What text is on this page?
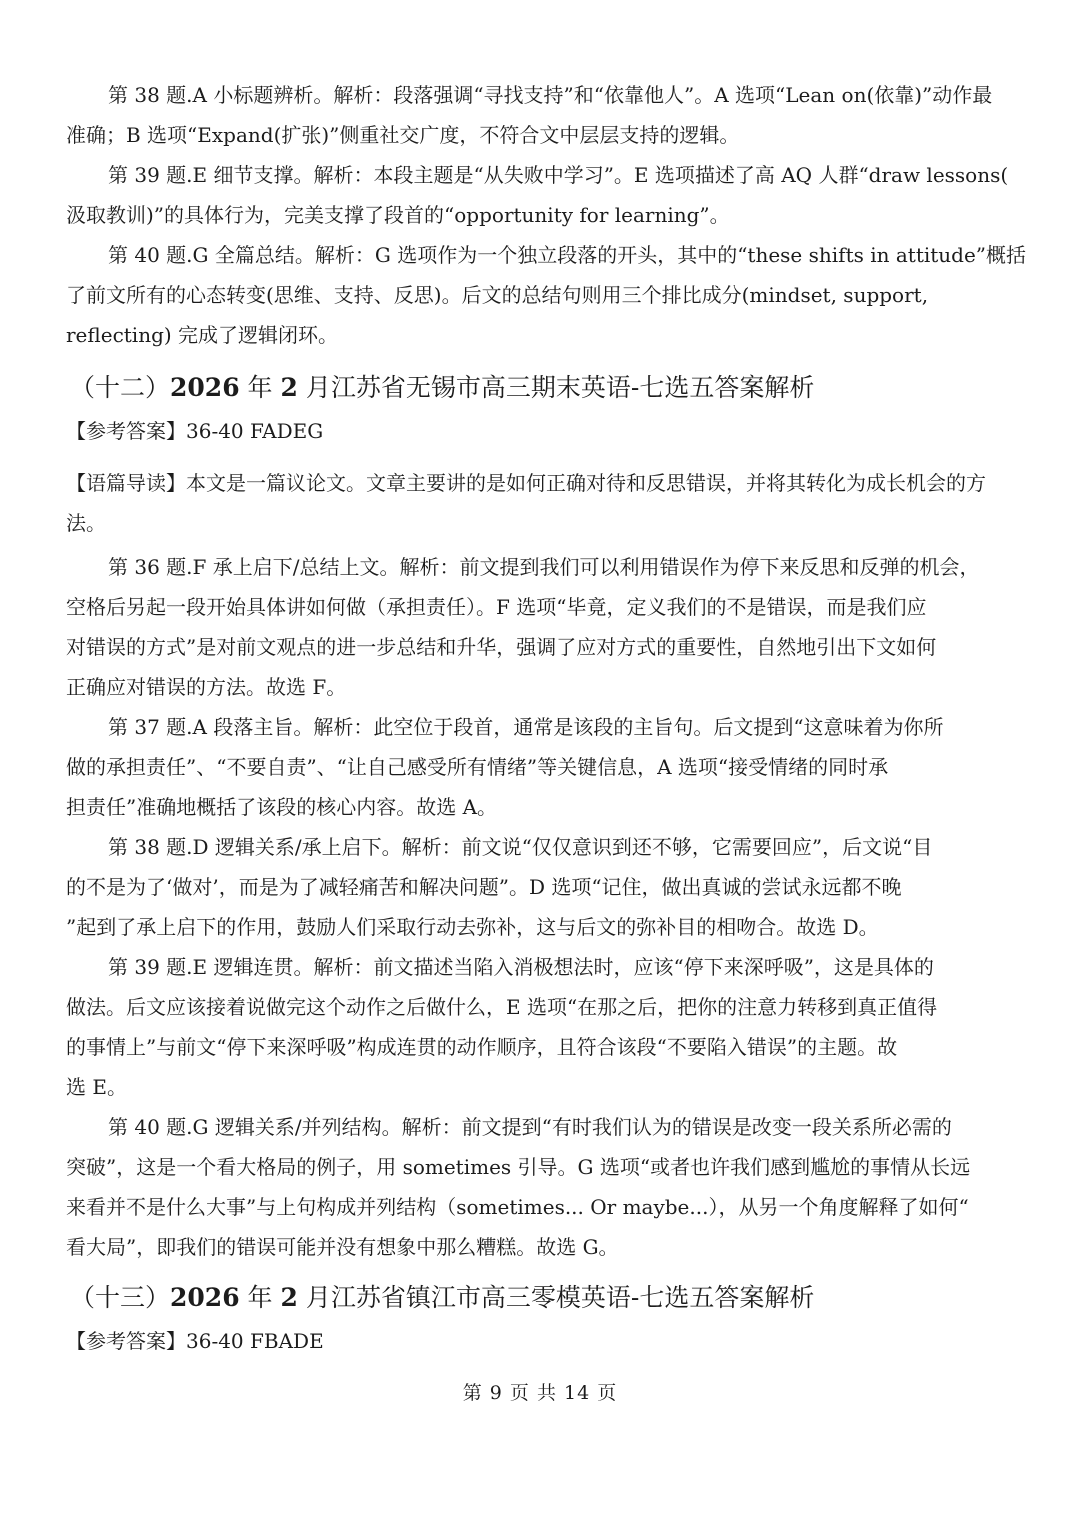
第 38 题.A 小标题辨析。解析：段落强调“寻找支持”和“依靠他人”。A 选项“Lean on(依靠)”动作最
准确；B 选项“Expand(扩张)”侧重社交广度，不符合文中层层支持的逻辑。
第 39 题.E 细节支撑。解析：本段主题是“从失败中学习”。E 选项描述了高 AQ 人群“draw lessons(
汲取教训)”的具体行为，完美支撑了段首的“opportunity for learning”。
第 40 题.G 全篇总结。解析：G 选项作为一个独立段落的开头，其中的“these shifts in attitude”概括
了前文所有的心态转变(思维、支持、反思)。后文的总结句则用三个排比成分(mindset, support,
reflecting) 完成了逻辑闭环。
（十二）2026 年 2 月江苏省无锡市高三期末英语-七选五答案解析
【参考答案】36-40 FADEG
【语篇导读】本文是一篇议论文。文章主要讲的是如何正确对待和反思错误，并将其转化为成长机会的方
法。
第 36 题.F 承上启下/总结上文。解析：前文提到我们可以利用错误作为停下来反思和反弹的机会，
空格后另起一段开始具体讲如何做（承担责任）。F 选项“毕竟，定义我们的不是错误，而是我们应
对错误的方式”是对前文观点的进一步总结和升华，强调了应对方式的重要性，自然地引出下文如何
正确应对错误的方法。故选 F。
第 37 题.A 段落主旨。解析：此空位于段首，通常是该段的主旨句。后文提到“这意味着为你所
做的承担责任”、“不要自责”、“让自己感受所有情绪”等关键信息，A 选项“接受情绪的同时承
担责任”准确地概括了该段的核心内容。故选 A。
第 38 题.D 逻辑关系/承上启下。解析：前文说“仅仅意识到还不够，它需要回应”，后文说“目
的不是为了‘做对’，而是为了减轻痛苦和解决问题”。D 选项“记住，做出真诚的尝试永远都不晚
”起到了承上启下的作用，鼓励人们采取行动去弥补，这与后文的弥补目的相吻合。故选 D。
第 39 题.E 逻辑连贯。解析：前文描述当陷入消极想法时，应该“停下来深呼吸”，这是具体的
做法。后文应该接着说做完这个动作之后做什么，E 选项“在那之后，把你的注意力转移到真正值得
的事情上”与前文“停下来深呼吸”构成连贯的动作顺序，且符合该段“不要陷入错误”的主题。故
选 E。
第 40 题.G 逻辑关系/并列结构。解析：前文提到“有时我们认为的错误是改变一段关系所必需的
突破”，这是一个看大格局的例子，用 sometimes 引导。G 选项“或者也许我们感到尴尬的事情从长远
来看并不是什么大事”与上句构成并列结构（sometimes... Or maybe...），从另一个角度解释了如何“
看大局”，即我们的错误可能并没有想象中那么糟糕。故选 G。
（十三）2026 年 2 月江苏省镇江市高三零模英语-七选五答案解析
【参考答案】36-40 FBADE
第 9 页 共 14 页
